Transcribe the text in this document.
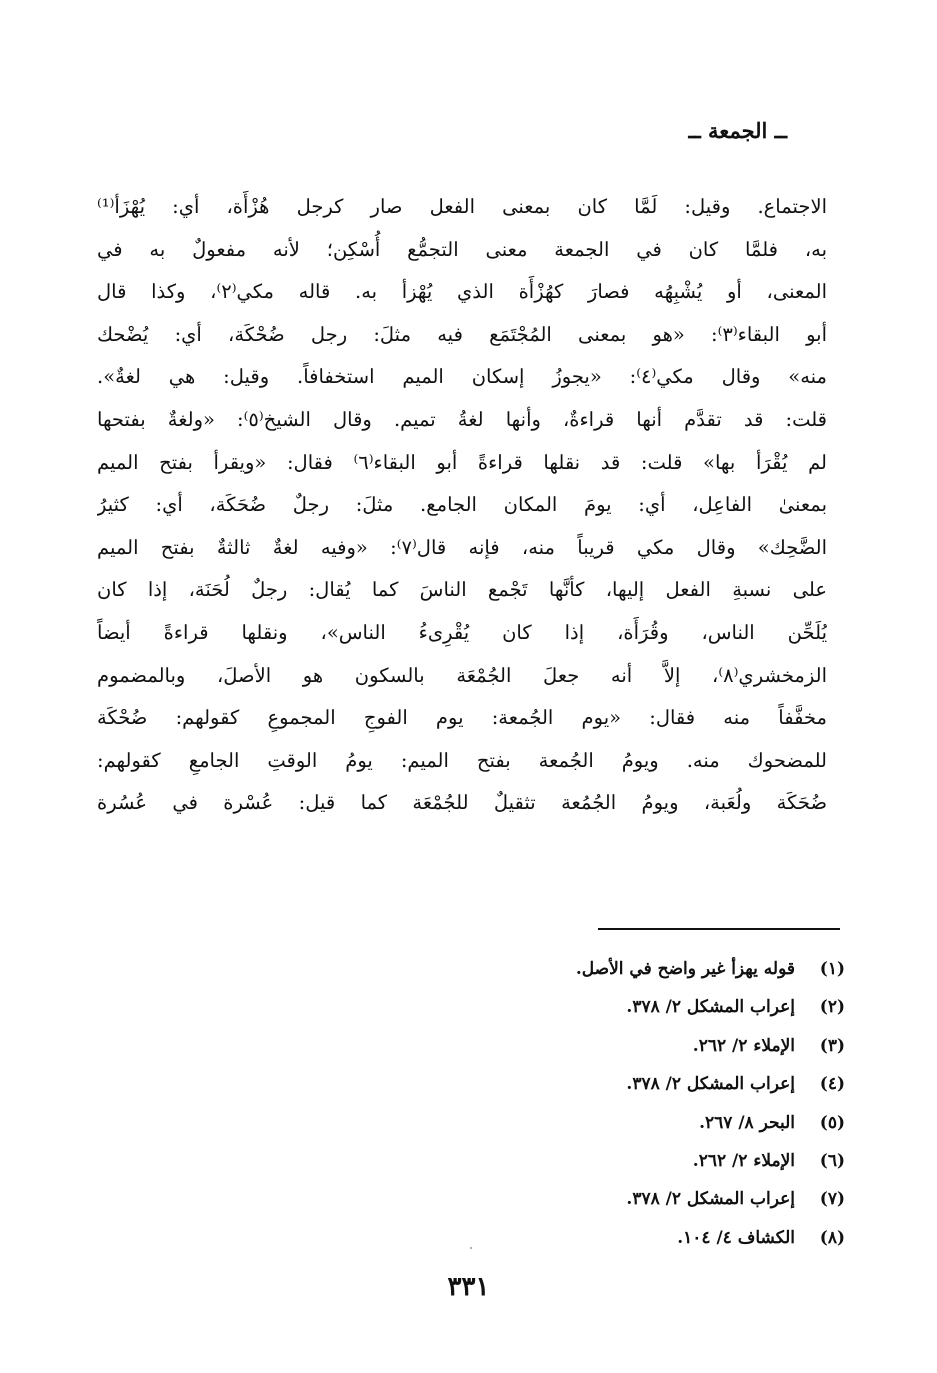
ــ الجمعة ــ
الاجتماع. وقيل: لَمَّا كان بمعنى الفعل صار كرجل هُزْأَة، أي: يُهْزَأ⁽¹⁾
به، فلمَّا كان في الجمعة معنى التجمُّع أُسْكِن؛ لأنه مفعولٌ به في
المعنى، أو يُشْبِهُه فصارَ كهُزْأَة الذي يُهْزأ به. قاله مكي⁽٢⁾، وكذا قال
أبو البقاء⁽٣⁾: «هو بمعنى المُجْتَمَع فيه مثلَ: رجل ضُحْكَة، أي: يُضْحك
منه» وقال مكي⁽٤⁾: «يجوزُ إسكان الميم استخفافاً. وقيل: هي لغةٌ».
قلت: قد تقدَّم أنها قراءةٌ، وأنها لغةُ تميم. وقال الشيخ⁽٥⁾: «ولغةٌ بفتحها
لم يُقْرَأ بها» قلت: قد نقلها قراءةً أبو البقاء⁽٦⁾ فقال: «ويقرأ بفتح الميم
بمعنىٰ الفاعِل، أي: يومَ المكان الجامع. مثلَ: رجلٌ ضُحَكَة، أي: كثيرُ
الضَّحِك» وقال مكي قريباً منه، فإنه قال⁽٧⁾: «وفيه لغةٌ ثالثةٌ بفتح الميم
على نسبةِ الفعل إليها، كأنَّها تَجْمع الناسَ كما يُقال: رجلٌ لُحَنَة، إذا كان
يُلَحِّن الناس، وقُرَأَة، إذا كان يُقْرِىءُ الناس»، ونقلها قراءةً أيضاً
الزمخشري⁽٨⁾، إلاَّ أنه جعلَ الجُمْعَة بالسكون هو الأصلَ، وبالمضموم
مخفَّفاً منه فقال: «يوم الجُمعة: يوم الفوجِ المجموعِ كقولهم: ضُحْكَة
للمضحوك منه. ويومُ الجُمعة بفتح الميم: يومُ الوقتِ الجامعِ كقولهم:
ضُحَكَة ولُعَبة، ويومُ الجُمُعة تثقيلٌ للجُمْعَة كما قيل: عُسْرة في عُسُرة
(١)
قوله يهزأ غير واضح في الأصل.
(٢)
إعراب المشكل ٢/ ٣٧٨.
(٣)
الإملاء ٢/ ٢٦٢.
(٤)
إعراب المشكل ٢/ ٣٧٨.
(٥)
البحر ٨/ ٢٦٧.
(٦)
الإملاء ٢/ ٢٦٢.
(٧)
إعراب المشكل ٢/ ٣٧٨.
(٨)
الكشاف ٤/ ١٠٤.
٣٣١
